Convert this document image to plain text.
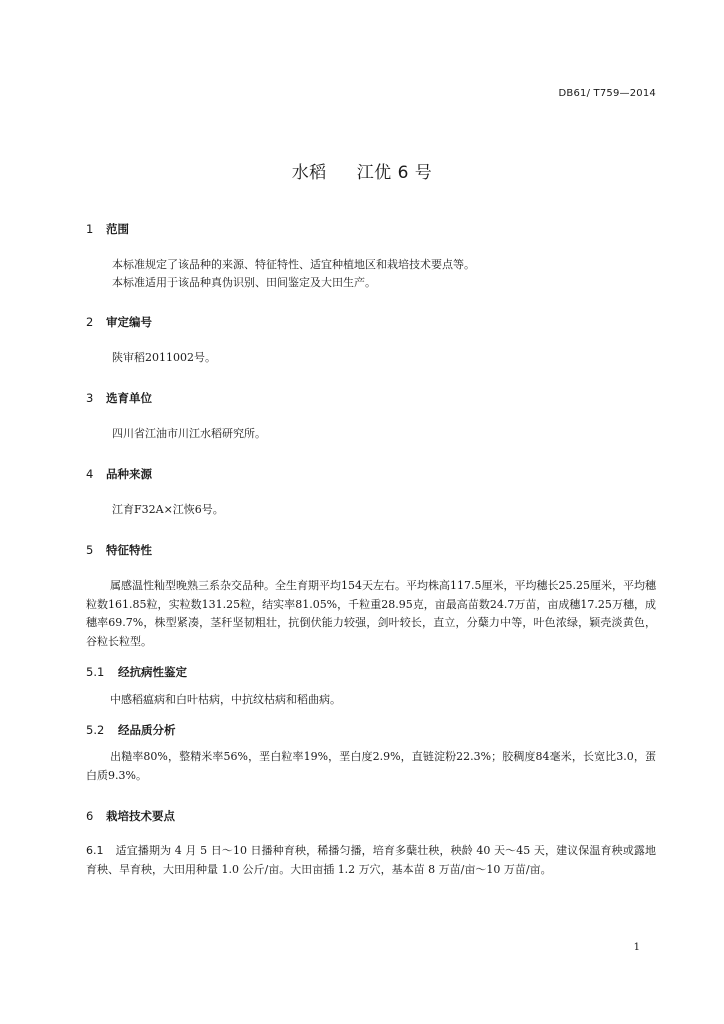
DB61/ T759—2014
水稻 江优 6 号
1 范围
本标准规定了该品种的来源、特征特性、适宜种植地区和栽培技术要点等。
本标准适用于该品种真伪识别、田间鉴定及大田生产。
2 审定编号
陕审稻2011002号。
3 选育单位
四川省江油市川江水稻研究所。
4 品种来源
江育F32A×江恢6号。
5 特征特性
属感温性籼型晚熟三系杂交品种。全生育期平均154天左右。平均株高117.5厘米，平均穗长25.25厘米，平均穗粒数161.85粒，实粒数131.25粒，结实率81.05%，千粒重28.95克，亩最高苗数24.7万苗，亩成穗17.25万穗，成穗率69.7%，株型紧凑，茎秆坚韧粗壮，抗倒伏能力较强，剑叶较长，直立，分蘖力中等，叶色浓绿，颖壳淡黄色，谷粒长粒型。
5.1 经抗病性鉴定
中感稻瘟病和白叶枯病，中抗纹枯病和稻曲病。
5.2 经品质分析
出糙率80%，整精米率56%，垩白粒率19%，垩白度2.9%，直链淀粉22.3%；胶稠度84毫米，长宽比3.0，蛋白质9.3%。
6 栽培技术要点
6.1 适宜播期为 4 月 5 日～10 日播种育秧，稀播匀播，培育多蘖壮秧，秧龄 40 天～45 天，建议保温育秧或露地育秧、旱育秧，大田用种量 1.0 公斤/亩。大田亩插 1.2 万穴，基本苗 8 万苗/亩～10 万苗/亩。
1
